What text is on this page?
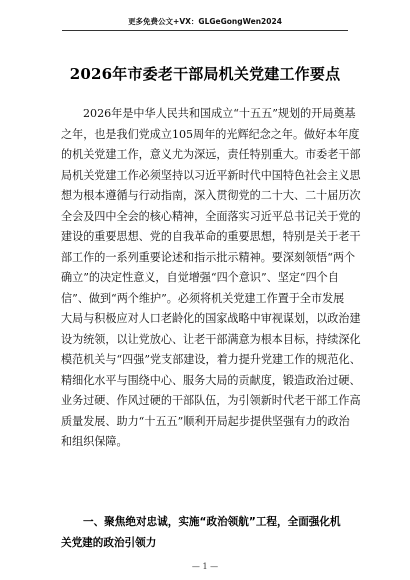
更多免费公文+VX：GLGeGongWen2024
2026年市委老干部局机关党建工作要点
2026年是中华人民共和国成立“十五五”规划的开局奠基
之年，也是我们党成立105周年的光辉纪念之年。做好本年度
的机关党建工作，意义尤为深远，责任特别重大。市委老干部
局机关党建工作必须坚持以习近平新时代中国特色社会主义思
想为根本遵循与行动指南，深入贯彻党的二十大、二十届历次
全会及四中全会的核心精神，全面落实习近平总书记关于党的
建设的重要思想、党的自我革命的重要思想，特别是关于老干
部工作的一系列重要论述和指示批示精神。要深刻领悟“两个
确立”的决定性意义，自觉增强“四个意识”、坚定“四个自
信”、做到“两个维护”。必须将机关党建工作置于全市发展
大局与积极应对人口老龄化的国家战略中审视谋划，以政治建
设为统领，以让党放心、让老干部满意为根本目标，持续深化
模范机关与“四强”党支部建设，着力提升党建工作的规范化、
精细化水平与围绕中心、服务大局的贡献度，锻造政治过硬、
业务过硬、作风过硬的干部队伍，为引领新时代老干部工作高
质量发展、助力“十五五”顺利开局起步提供坚强有力的政治
和组织保障。
一、聚焦绝对忠诚，实施“政治领航”工程，全面强化机
关党建的政治引领力
— 1 —
